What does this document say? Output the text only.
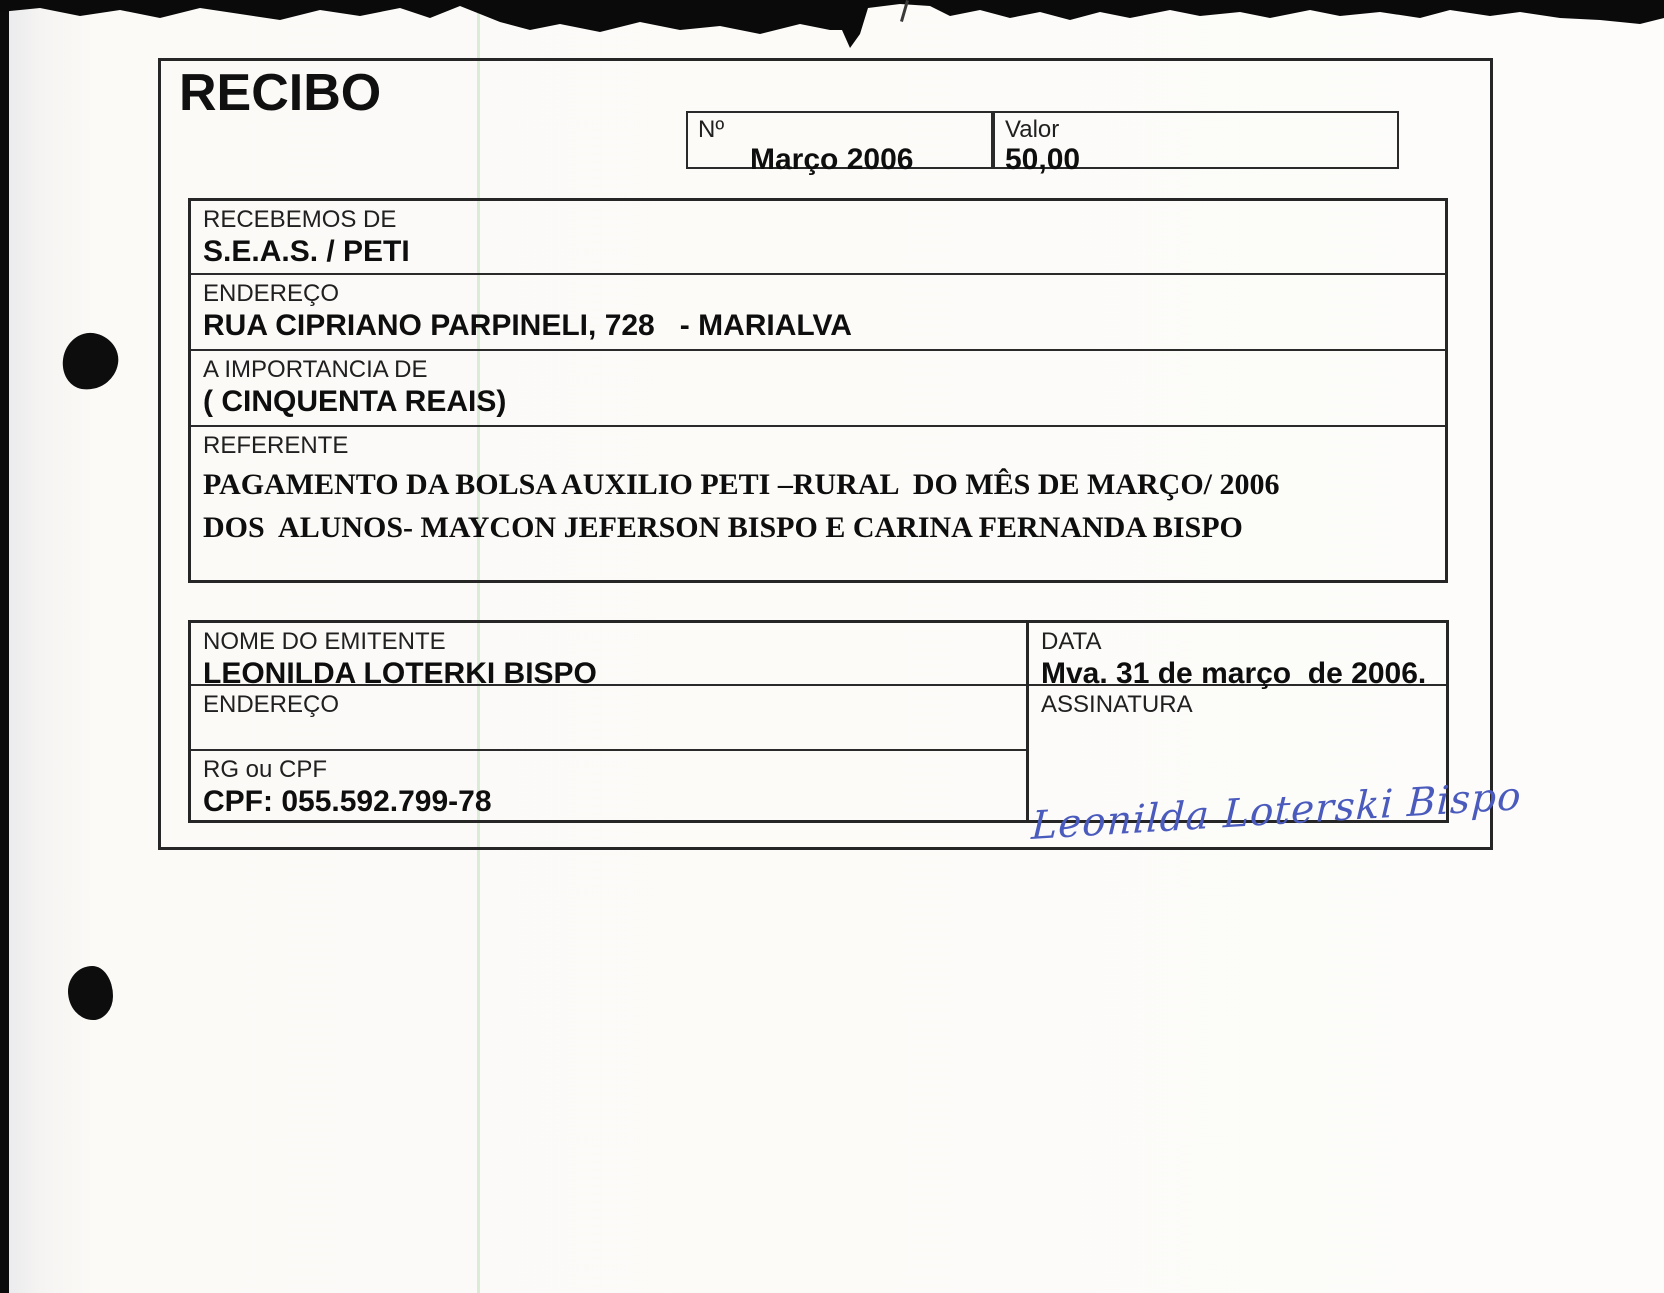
RECIBO
Nº
Março 2006
Valor
50,00
RECEBEMOS DE
S.E.A.S. / PETI
ENDEREÇO
RUA CIPRIANO PARPINELI, 728   - MARIALVA
A IMPORTANCIA DE
( CINQUENTA REAIS)
REFERENTE
PAGAMENTO DA BOLSA AUXILIO PETI –RURAL  DO MÊS DE MARÇO/ 2006
DOS  ALUNOS- MAYCON JEFERSON BISPO E CARINA FERNANDA BISPO
NOME DO EMITENTE
LEONILDA LOTERKI BISPO
ENDEREÇO
RG ou CPF
CPF: 055.592.799-78
DATA
Mva. 31 de março  de 2006.
ASSINATURA
Leonilda Loterski Bispo
